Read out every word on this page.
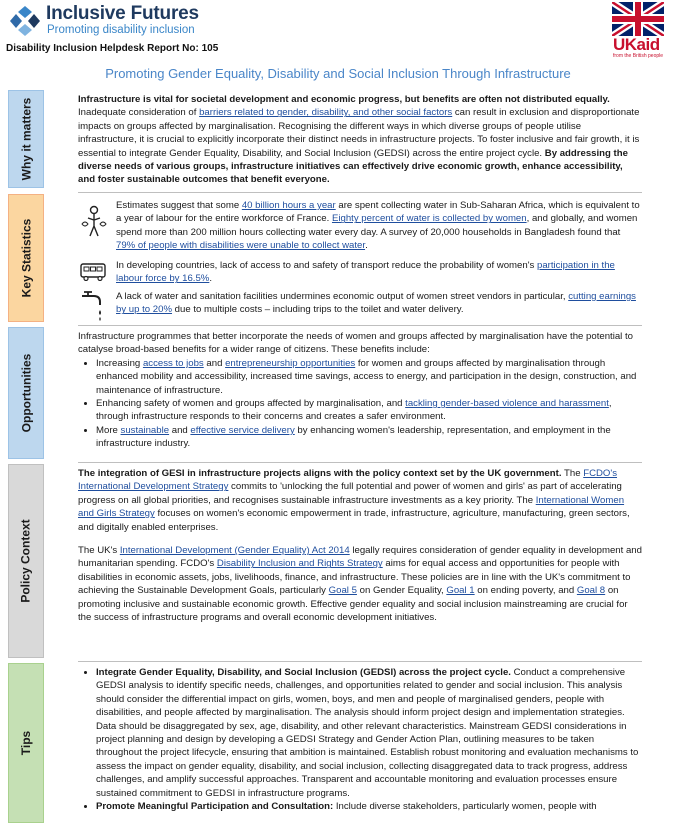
Inclusive Futures
Promoting disability inclusion
Disability Inclusion Helpdesk Report No: 105	UKaid
from the British people
Promoting Gender Equality, Disability and Social Inclusion Through Infrastructure
Why it matters	Infrastructure is vital for societal development and economic progress, but benefits are often not distributed equally. Inadequate consideration of barriers related to gender, disability, and other social factors can result in exclusion and disproportionate impacts on groups affected by marginalisation. Recognising the different ways in which diverse groups of people utilise infrastructure, it is crucial to explicitly incorporate their distinct needs in infrastructure projects. To foster inclusive and fair growth, it is essential to integrate Gender Equality, Disability, and Social Inclusion (GEDSI) across the entire project cycle. By addressing the diverse needs of various groups, infrastructure initiatives can effectively drive economic growth, enhance accessibility, and foster sustainable outcomes that benefit everyone.

Key Statistics
Estimates suggest that some 40 billion hours a year are spent collecting water in Sub-Saharan Africa, which is equivalent to a year of labour for the entire workforce of France. Eighty percent of water is collected by women, and globally, and women spend more than 200 million hours collecting water every day. A survey of 20,000 households in Bangladesh found that 79% of people with disabilities were unable to collect water.
In developing countries, lack of access to and safety of transport reduce the probability of women's participation in the labour force by 16.5%.
A lack of water and sanitation facilities undermines economic output of women street vendors in particular, cutting earnings by up to 20% due to multiple costs – including trips to the toilet and water delivery.
Opportunities

Infrastructure programmes that better incorporate the needs of women and groups affected by marginalisation have the potential to catalyse broad-based benefits for a wider range of citizens. These benefits include:

• Increasing access to jobs and entrepreneurship opportunities for women and groups affected by marginalisation through enhanced mobility and accessibility, increased time savings, access to energy, and participation in the design, construction, and maintenance of infrastructure.
• Enhancing safety of women and groups affected by marginalisation, and tackling gender-based violence and harassment, through infrastructure responds to their concerns and creates a safer environment.
• More sustainable and effective service delivery by enhancing women's leadership, representation, and employment in the infrastructure industry.
Policy Context

The integration of GESI in infrastructure projects aligns with the policy context set by the UK government. The FCDO's International Development Strategy commits to 'unlocking the full potential and power of women and girls' as part of accelerating progress on all global priorities, and recognises sustainable infrastructure investments as a key priority. The International Women and Girls Strategy focuses on women's economic empowerment in trade, infrastructure, agriculture, manufacturing, green sectors, and digitally enabled enterprises.

The UK's International Development (Gender Equality) Act 2014 legally requires consideration of gender equality in development and humanitarian spending. FCDO's Disability Inclusion and Rights Strategy aims for equal access and opportunities for people with disabilities in economic assets, jobs, livelihoods, finance, and infrastructure. These policies are in line with the UK's commitment to achieving the Sustainable Development Goals, particularly Goal 5 on Gender Equality, Goal 1 on ending poverty, and Goal 8 on promoting inclusive and sustainable economic growth. Effective gender equality and social inclusion mainstreaming are crucial for the success of infrastructure programs and overall economic development initiatives.

Tips
• Integrate Gender Equality, Disability, and Social Inclusion (GEDSI) across the project cycle. Conduct a comprehensive GEDSI analysis to identify specific needs, challenges, and opportunities related to gender and social inclusion. This analysis should consider the differential impact on girls, women, boys, and men and people of marginalised genders, people with disabilities, and people affected by marginalisation. The analysis should inform project design and implementation strategies. Data should be disaggregated by sex, age, disability, and other relevant characteristics. Mainstream GEDSI considerations in project planning and design by developing a GEDSI Strategy and Gender Action Plan, outlining measures to be taken throughout the project lifecycle, ensuring that ambition is maintained. Establish robust monitoring and evaluation mechanisms to assess the impact on gender equality, disability, and social inclusion, collecting disaggregated data to track progress, address challenges, and amplify successful approaches. Transparent and accountable monitoring and evaluation processes ensure sustained commitment to GEDSI in infrastructure programs.
• Promote Meaningful Participation and Consultation: Include diverse stakeholders, particularly women, people with
